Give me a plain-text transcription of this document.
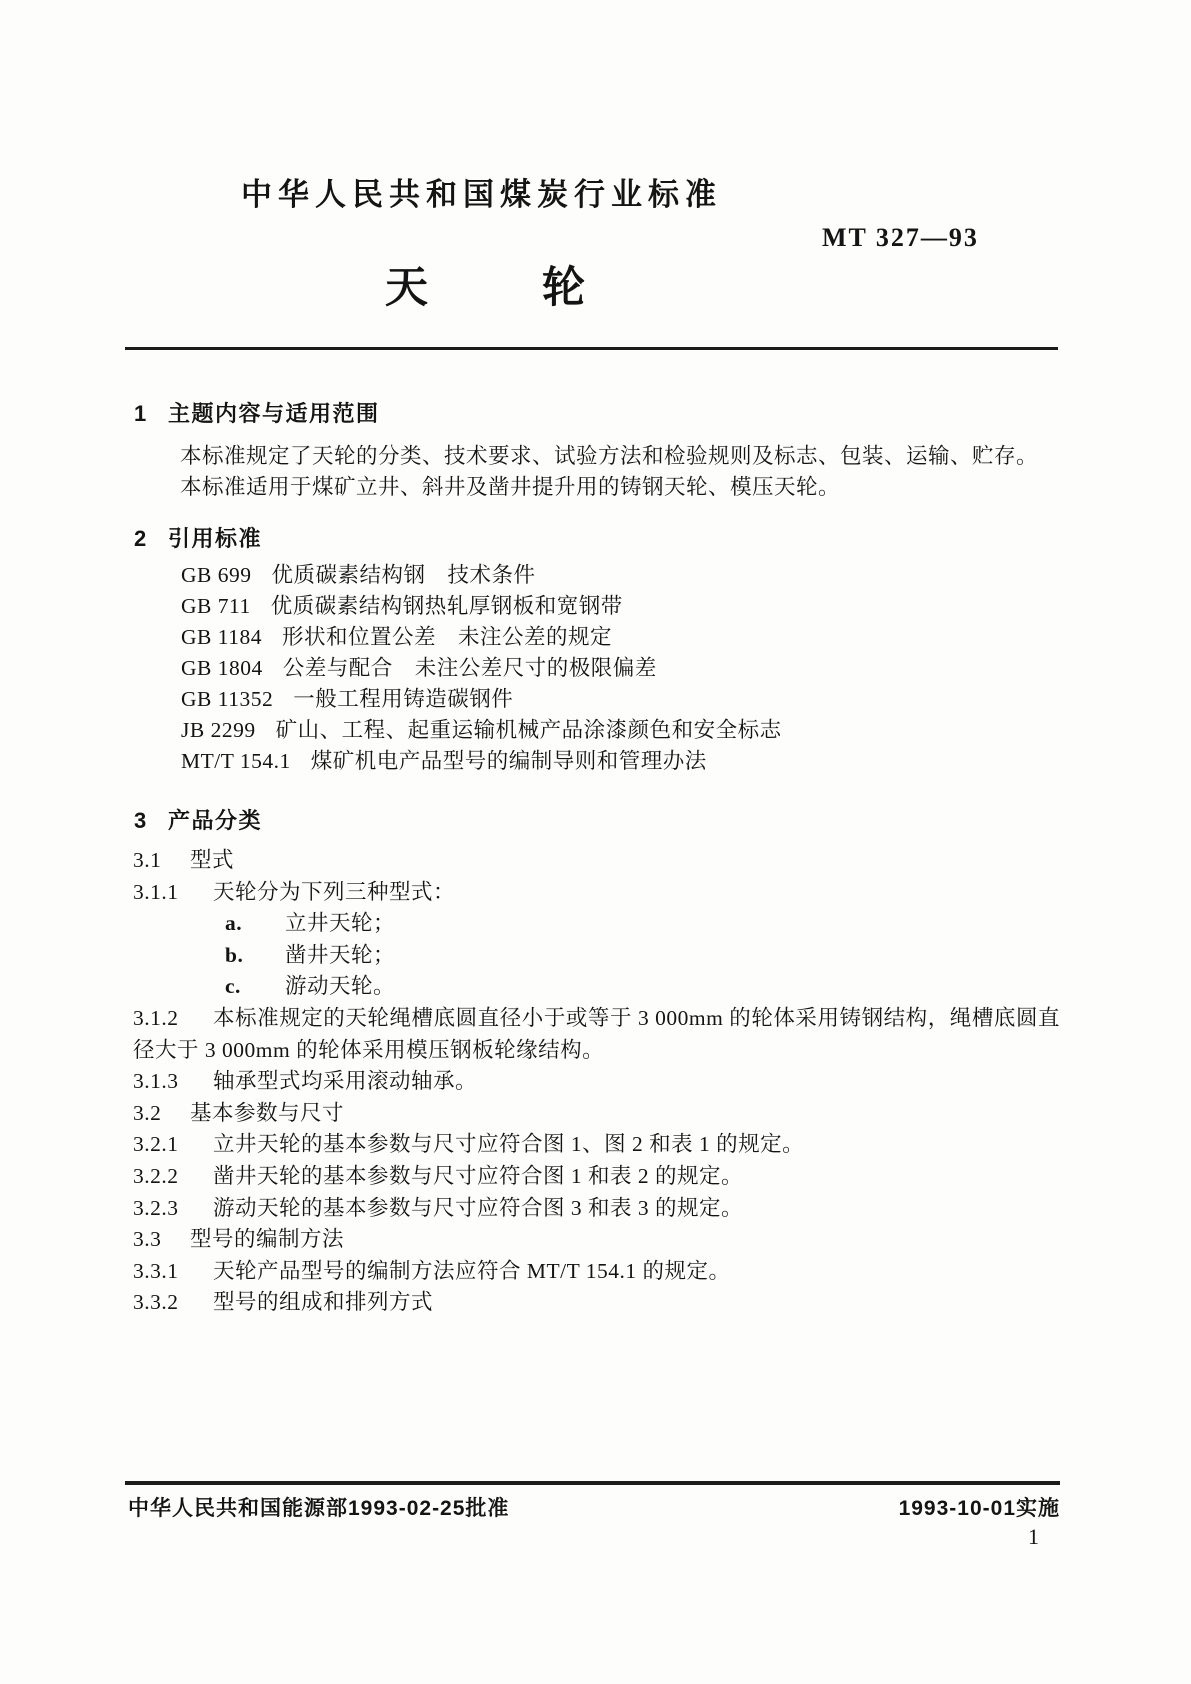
中华人民共和国煤炭行业标准
MT 327—93
天	轮
1 主题内容与适用范围

本标准规定了天轮的分类、技术要求、试验方法和检验规则及标志、包装、运输、贮存。

本标准适用于煤矿立井、斜井及凿井提升用的铸钢天轮、模压天轮。

2 引用标准
GB 699 优质碳素结构钢　技术条件
GB 711 优质碳素结构钢热轧厚钢板和宽钢带
GB 1184 形状和位置公差　未注公差的规定
GB 1804 公差与配合　未注公差尺寸的极限偏差
GB 11352 一般工程用铸造碳钢件
JB 2299 矿山、工程、起重运输机械产品涂漆颜色和安全标志
MT/T 154.1 煤矿机电产品型号的编制导则和管理办法
3 产品分类
3.1 型式
3.1.1 天轮分为下列三种型式：
a. 立井天轮；
b. 凿井天轮；
c. 游动天轮。
3.1.2 本标准规定的天轮绳槽底圆直径小于或等于 3 000mm 的轮体采用铸钢结构，绳槽底圆直径大于 3 000mm 的轮体采用模压钢板轮缘结构。
3.1.3 轴承型式均采用滚动轴承。
3.2 基本参数与尺寸
3.2.1 立井天轮的基本参数与尺寸应符合图 1、图 2 和表 1 的规定。
3.2.2 凿井天轮的基本参数与尺寸应符合图 1 和表 2 的规定。
3.2.3 游动天轮的基本参数与尺寸应符合图 3 和表 3 的规定。
3.3 型号的编制方法
3.3.1 天轮产品型号的编制方法应符合 MT/T 154.1 的规定。
3.3.2 型号的组成和排列方式
中华人民共和国能源部1993-02-25批准	1993-10-01实施
1
